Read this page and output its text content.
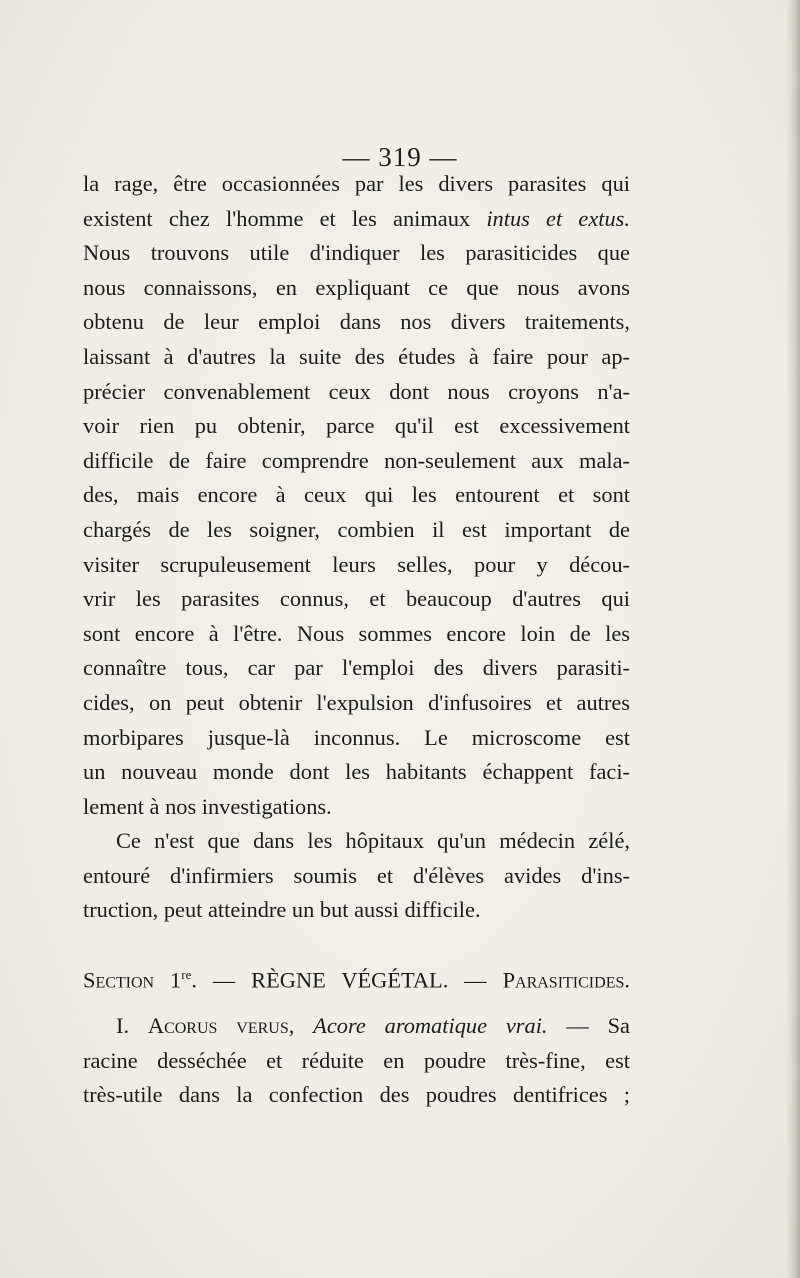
— 319 —
la rage, être occasionnées par les divers parasites qui
existent chez l'homme et les animaux intus et extus.
Nous trouvons utile d'indiquer les parasiticides que
nous connaissons, en expliquant ce que nous avons
obtenu de leur emploi dans nos divers traitements,
laissant à d'autres la suite des études à faire pour ap-
précier convenablement ceux dont nous croyons n'a-
voir rien pu obtenir, parce qu'il est excessivement
difficile de faire comprendre non-seulement aux mala-
des, mais encore à ceux qui les entourent et sont
chargés de les soigner, combien il est important de
visiter scrupuleusement leurs selles, pour y décou-
vrir les parasites connus, et beaucoup d'autres qui
sont encore à l'être. Nous sommes encore loin de les
connaître tous, car par l'emploi des divers parasiti-
cides, on peut obtenir l'expulsion d'infusoires et autres
morbipares jusque-là inconnus. Le microscome est
un nouveau monde dont les habitants échappent faci-
lement à nos investigations.
Ce n'est que dans les hôpitaux qu'un médecin zélé,
entouré d'infirmiers soumis et d'élèves avides d'ins-
truction, peut atteindre un but aussi difficile.
Section 1re. — RÈGNE VÉGÉTAL. — Parasiticides.
I. Acorus verus, Acore aromatique vrai. — Sa
racine desséchée et réduite en poudre très-fine, est
très-utile dans la confection des poudres dentifrices ;
